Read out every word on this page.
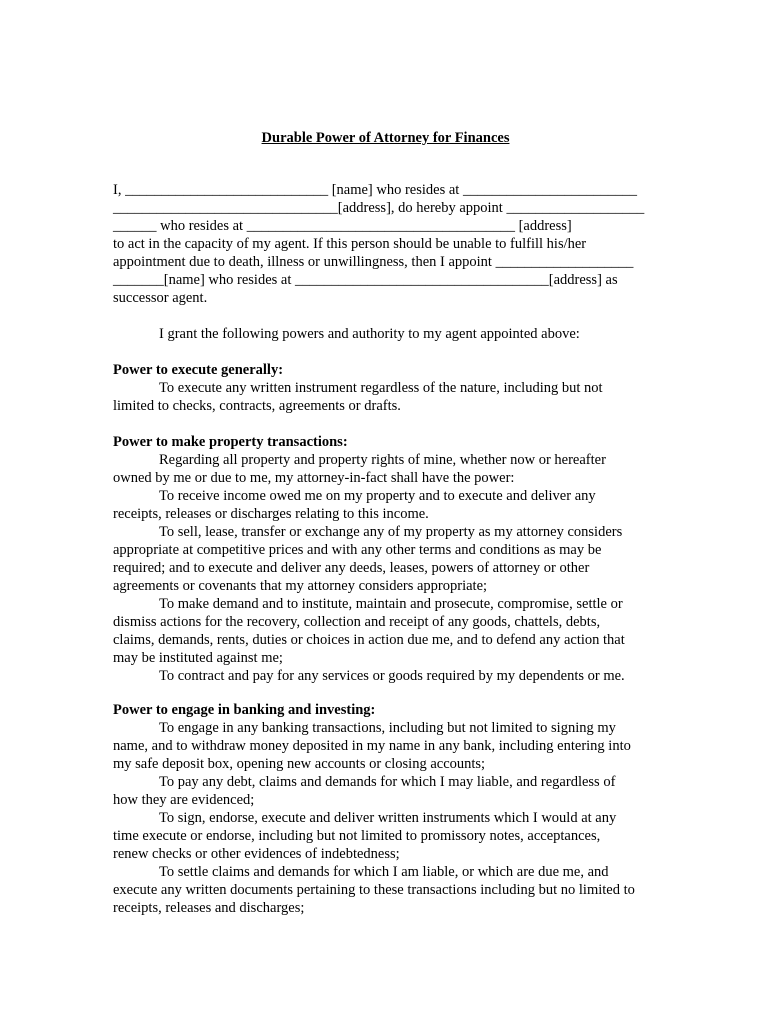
Durable Power of Attorney for Finances
I, ____________________________ [name] who resides at ________________________
_______________________________[address], do hereby appoint ___________________
______ who resides at _____________________________________ [address]
to act in the capacity of my agent. If this person should be unable to fulfill his/her
appointment due to death, illness or unwillingness, then I appoint ___________________
_______[name] who resides at ___________________________________[address] as
successor agent.
I grant the following powers and authority to my agent appointed above:
Power to execute generally:
To execute any written instrument regardless of the nature, including but not
limited to checks, contracts, agreements or drafts.
Power to make property transactions:
Regarding all property and property rights of mine, whether now or hereafter
owned by me or due to me, my attorney-in-fact shall have the power:
To receive income owed me on my property and to execute and deliver any
receipts, releases or discharges relating to this income.
To sell, lease, transfer or exchange any of my property as my attorney considers
appropriate at competitive prices and with any other terms and conditions as may be
required; and to execute and deliver any deeds, leases, powers of attorney or other
agreements or covenants that my attorney considers appropriate;
To make demand and to institute, maintain and prosecute, compromise, settle or
dismiss actions for the recovery, collection and receipt of any goods, chattels, debts,
claims, demands, rents, duties or choices in action due me, and to defend any action that
may be instituted against me;
To contract and pay for any services or goods required by my dependents or me.
Power to engage in banking and investing:
To engage in any banking transactions, including but not limited to signing my
name, and to withdraw money deposited in my name in any bank, including entering into
my safe deposit box, opening new accounts or closing accounts;
To pay any debt, claims and demands for which I may liable, and regardless of
how they are evidenced;
To sign, endorse, execute and deliver written instruments which I would at any
time execute or endorse, including but not limited to promissory notes, acceptances,
renew checks or other evidences of indebtedness;
To settle claims and demands for which I am liable, or which are due me, and
execute any written documents pertaining to these transactions including but no limited to
receipts, releases and discharges;
